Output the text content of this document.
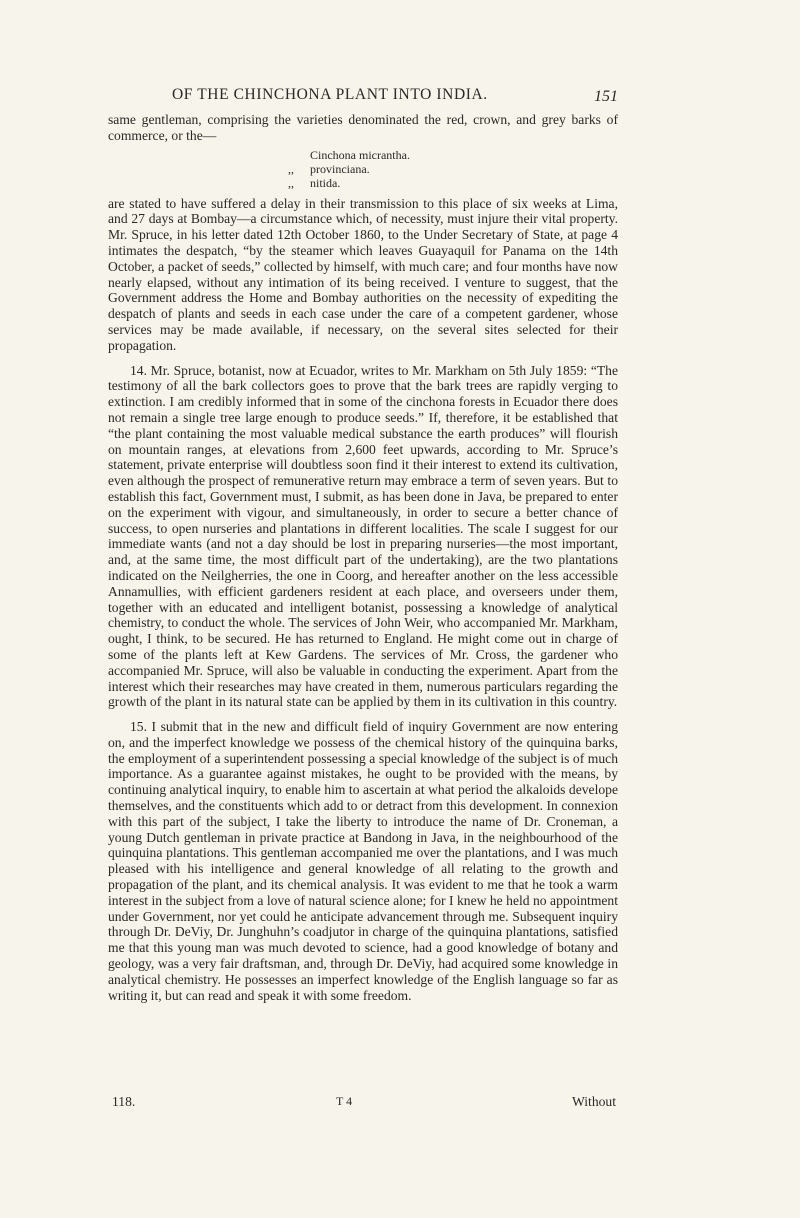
OF THE CHINCHONA PLANT INTO INDIA.	151

same gentleman, comprising the varieties denominated the red, crown, and grey barks of commerce, or the—

Cinchona micrantha.
,, provinciana.
,, nitida.

are stated to have suffered a delay in their transmission to this place of six weeks at Lima, and 27 days at Bombay—a circumstance which, of necessity, must injure their vital property. Mr. Spruce, in his letter dated 12th October 1860, to the Under Secretary of State, at page 4 intimates the despatch, “by the steamer which leaves Guayaquil for Panama on the 14th October, a packet of seeds,” collected by himself, with much care; and four months have now nearly elapsed, without any intimation of its being received. I venture to suggest, that the Government address the Home and Bombay authorities on the necessity of expediting the despatch of plants and seeds in each case under the care of a competent gardener, whose services may be made available, if necessary, on the several sites selected for their propagation.

14. Mr. Spruce, botanist, now at Ecuador, writes to Mr. Markham on 5th July 1859: “The testimony of all the bark collectors goes to prove that the bark trees are rapidly verging to extinction. I am credibly informed that in some of the cinchona forests in Ecuador there does not remain a single tree large enough to produce seeds.” If, therefore, it be established that “the plant containing the most valuable medical substance the earth produces” will flourish on mountain ranges, at elevations from 2,600 feet upwards, according to Mr. Spruce’s statement, private enterprise will doubtless soon find it their interest to extend its cultivation, even although the prospect of remunerative return may embrace a term of seven years. But to establish this fact, Government must, I submit, as has been done in Java, be prepared to enter on the experiment with vigour, and simultaneously, in order to secure a better chance of success, to open nurseries and plantations in different localities. The scale I suggest for our immediate wants (and not a day should be lost in preparing nurseries—the most important, and, at the same time, the most difficult part of the undertaking), are the two plantations indicated on the Neilgherries, the one in Coorg, and hereafter another on the less accessible Annamullies, with efficient gardeners resident at each place, and overseers under them, together with an educated and intelligent botanist, possessing a knowledge of analytical chemistry, to conduct the whole. The services of John Weir, who accompanied Mr. Markham, ought, I think, to be secured. He has returned to England. He might come out in charge of some of the plants left at Kew Gardens. The services of Mr. Cross, the gardener who accompanied Mr. Spruce, will also be valuable in conducting the experiment. Apart from the interest which their researches may have created in them, numerous particulars regarding the growth of the plant in its natural state can be applied by them in its cultivation in this country.

15. I submit that in the new and difficult field of inquiry Government are now entering on, and the imperfect knowledge we possess of the chemical history of the quinquina barks, the employment of a superintendent possessing a special knowledge of the subject is of much importance. As a guarantee against mistakes, he ought to be provided with the means, by continuing analytical inquiry, to enable him to ascertain at what period the alkaloids develope themselves, and the constituents which add to or detract from this development. In connexion with this part of the subject, I take the liberty to introduce the name of Dr. Croneman, a young Dutch gentleman in private practice at Bandong in Java, in the neighbourhood of the quinquina plantations. This gentleman accompanied me over the plantations, and I was much pleased with his intelligence and general knowledge of all relating to the growth and propagation of the plant, and its chemical analysis. It was evident to me that he took a warm interest in the subject from a love of natural science alone; for I knew he held no appointment under Government, nor yet could he anticipate advancement through me. Subsequent inquiry through Dr. DeViy, Dr. Junghuhn’s coadjutor in charge of the quinquina plantations, satisfied me that this young man was much devoted to science, had a good knowledge of botany and geology, was a very fair draftsman, and, through Dr. DeViy, had acquired some knowledge in analytical chemistry. He possesses an imperfect knowledge of the English language so far as writing it, but can read and speak it with some freedom.

118.	T 4	Without
